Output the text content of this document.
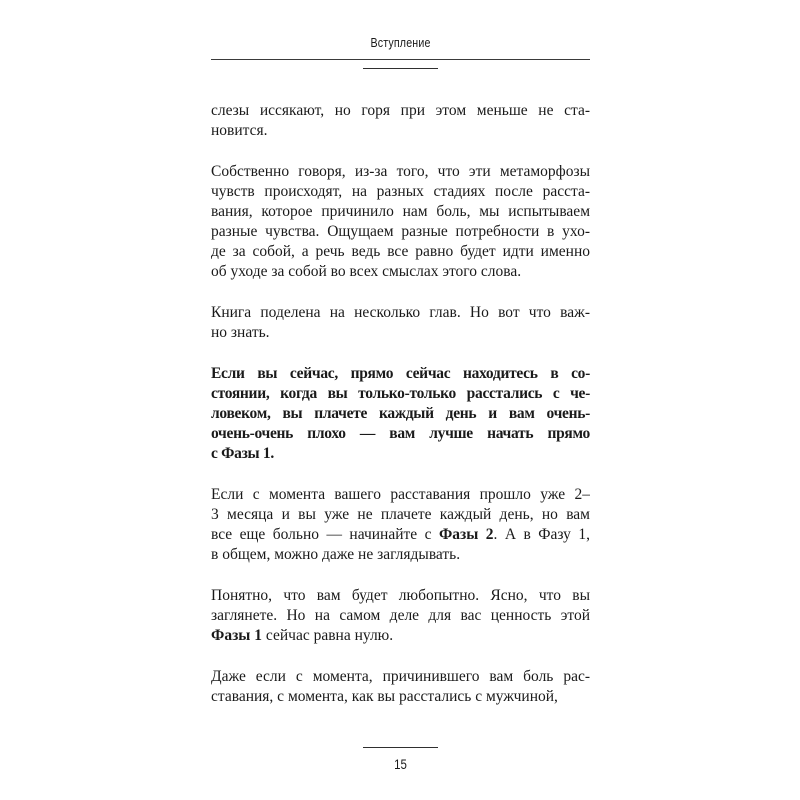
Вступление
слезы иссякают, но горя при этом меньше не ста-
новится.
Собственно говоря, из-за того, что эти метаморфозы
чувств происходят, на разных стадиях после расста-
вания, которое причинило нам боль, мы испытываем
разные чувства. Ощущаем разные потребности в ухо-
де за собой, а речь ведь все равно будет идти именно
об уходе за собой во всех смыслах этого слова.
Книга поделена на несколько глав. Но вот что важ-
но знать.
Если вы сейчас, прямо сейчас находитесь в со-
стоянии, когда вы только-только расстались с че-
ловеком, вы плачете каждый день и вам очень-
очень-очень плохо — вам лучше начать прямо
с Фазы 1.
Если с момента вашего расставания прошло уже 2–
3 месяца и вы уже не плачете каждый день, но вам
все еще больно — начинайте с Фазы 2. А в Фазу 1,
в общем, можно даже не заглядывать.
Понятно, что вам будет любопытно. Ясно, что вы
заглянете. Но на самом деле для вас ценность этой
Фазы 1 сейчас равна нулю.
Даже если с момента, причинившего вам боль рас-
ставания, с момента, как вы расстались с мужчиной,
15
